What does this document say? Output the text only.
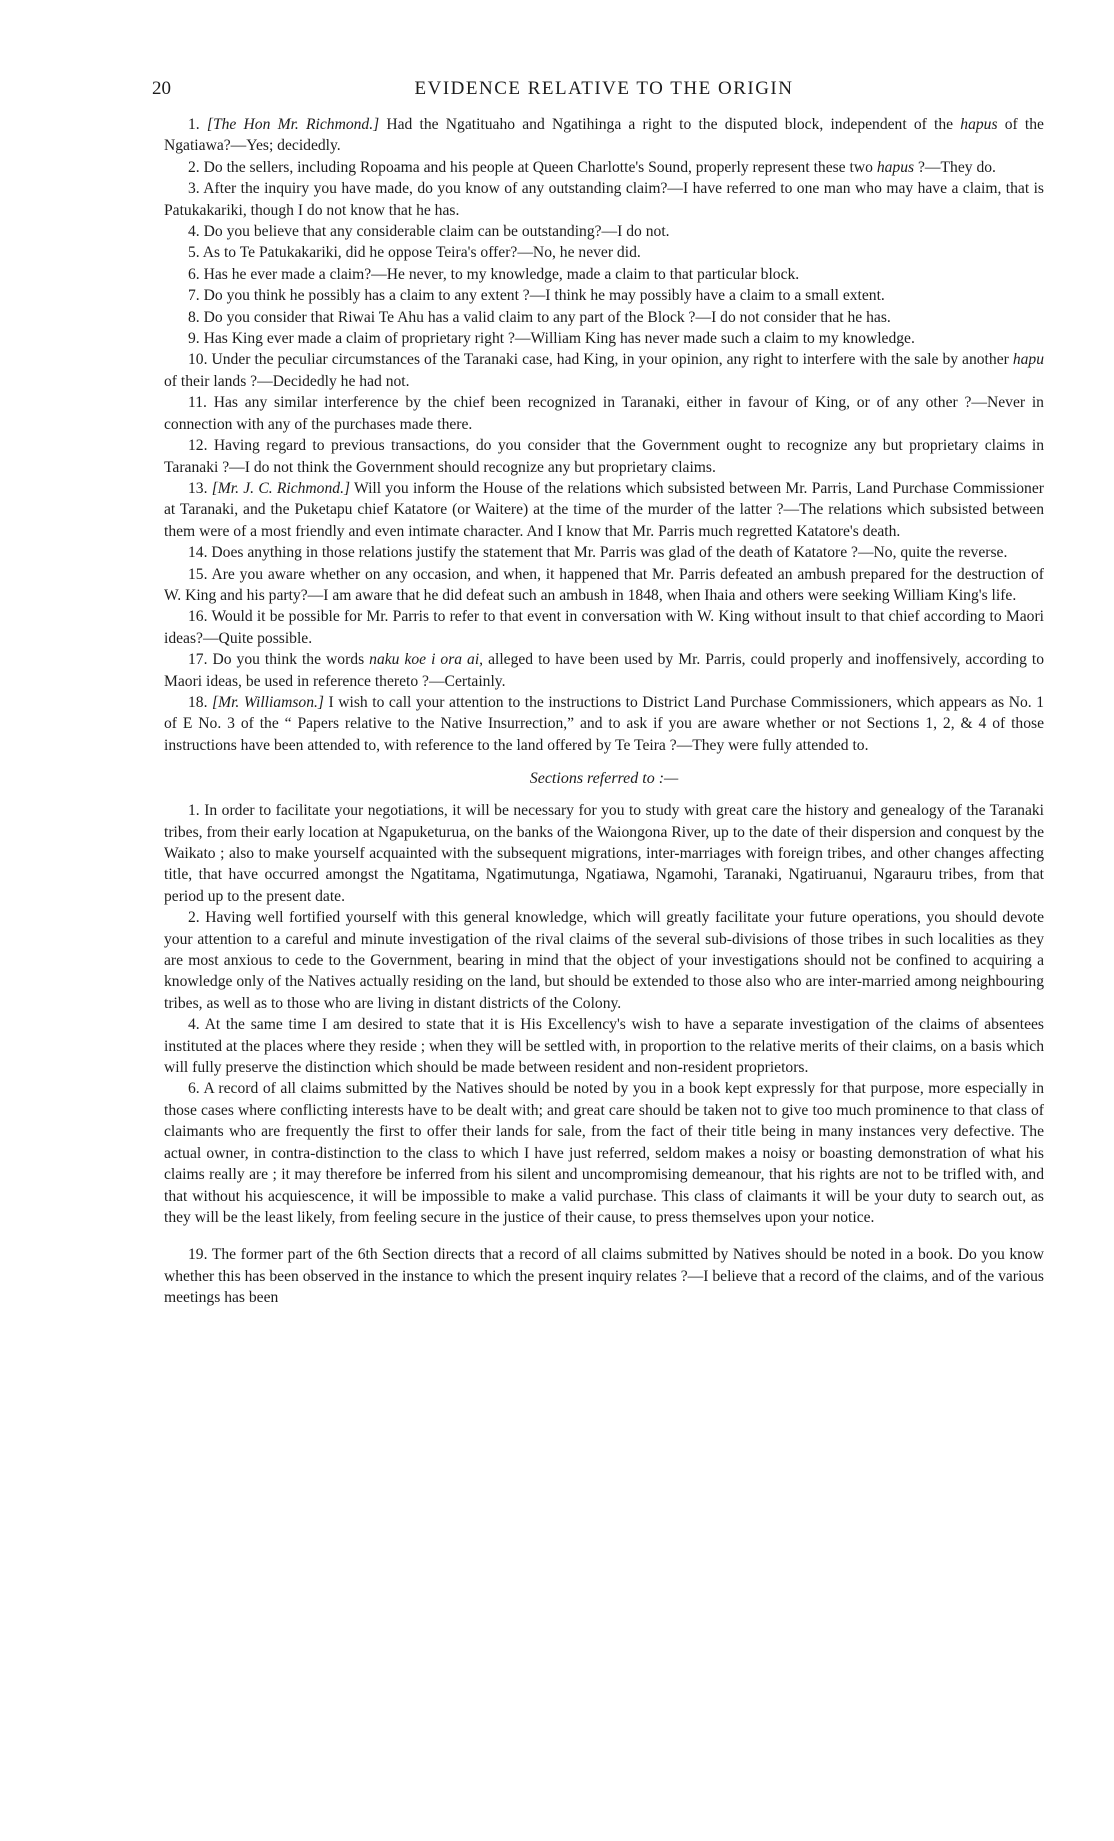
20	EVIDENCE RELATIVE TO THE ORIGIN

1. [The Hon Mr. Richmond.] Had the Ngatituaho and Ngatihinga a right to the disputed block, independent of the hapus of the Ngatiawa?—Yes; decidedly.

2. Do the sellers, including Ropoama and his people at Queen Charlotte's Sound, properly represent these two hapus ?—They do.

3. After the inquiry you have made, do you know of any outstanding claim?—I have referred to one man who may have a claim, that is Patukakariki, though I do not know that he has.

4. Do you believe that any considerable claim can be outstanding?—I do not.

5. As to Te Patukakariki, did he oppose Teira's offer?—No, he never did.

6. Has he ever made a claim?—He never, to my knowledge, made a claim to that particular block.

7. Do you think he possibly has a claim to any extent ?—I think he may possibly have a claim to a small extent.

8. Do you consider that Riwai Te Ahu has a valid claim to any part of the Block ?—I do not consider that he has.

9. Has King ever made a claim of proprietary right ?—William King has never made such a claim to my knowledge.

10. Under the peculiar circumstances of the Taranaki case, had King, in your opinion, any right to interfere with the sale by another hapu of their lands ?—Decidedly he had not.

11. Has any similar interference by the chief been recognized in Taranaki, either in favour of King, or of any other ?—Never in connection with any of the purchases made there.

12. Having regard to previous transactions, do you consider that the Government ought to recognize any but proprietary claims in Taranaki ?—I do not think the Government should recognize any but proprietary claims.

13. [Mr. J. C. Richmond.] Will you inform the House of the relations which subsisted between Mr. Parris, Land Purchase Commissioner at Taranaki, and the Puketapu chief Katatore (or Waitere) at the time of the murder of the latter ?—The relations which subsisted between them were of a most friendly and even intimate character. And I know that Mr. Parris much regretted Katatore's death.

14. Does anything in those relations justify the statement that Mr. Parris was glad of the death of Katatore ?—No, quite the reverse.

15. Are you aware whether on any occasion, and when, it happened that Mr. Parris defeated an ambush prepared for the destruction of W. King and his party?—I am aware that he did defeat such an ambush in 1848, when Ihaia and others were seeking William King's life.

16. Would it be possible for Mr. Parris to refer to that event in conversation with W. King without insult to that chief according to Maori ideas?—Quite possible.

17. Do you think the words naku koe i ora ai, alleged to have been used by Mr. Parris, could properly and inoffensively, according to Maori ideas, be used in reference thereto ?—Certainly.

18. [Mr. Williamson.] I wish to call your attention to the instructions to District Land Purchase Commissioners, which appears as No. 1 of E No. 3 of the “ Papers relative to the Native Insurrection,” and to ask if you are aware whether or not Sections 1, 2, & 4 of those instructions have been attended to, with reference to the land offered by Te Teira ?—They were fully attended to.

Sections referred to :—

1. In order to facilitate your negotiations, it will be necessary for you to study with great care the history and genealogy of the Taranaki tribes, from their early location at Ngapuketurua, on the banks of the Waiongona River, up to the date of their dispersion and conquest by the Waikato ; also to make yourself acquainted with the subsequent migrations, inter-marriages with foreign tribes, and other changes affecting title, that have occurred amongst the Ngatitama, Ngatimutunga, Ngatiawa, Ngamohi, Taranaki, Ngatiruanui, Ngarauru tribes, from that period up to the present date.

2. Having well fortified yourself with this general knowledge, which will greatly facilitate your future operations, you should devote your attention to a careful and minute investigation of the rival claims of the several sub-divisions of those tribes in such localities as they are most anxious to cede to the Government, bearing in mind that the object of your investigations should not be confined to acquiring a knowledge only of the Natives actually residing on the land, but should be extended to those also who are inter-married among neighbouring tribes, as well as to those who are living in distant districts of the Colony.

4. At the same time I am desired to state that it is His Excellency's wish to have a separate investigation of the claims of absentees instituted at the places where they reside ; when they will be settled with, in proportion to the relative merits of their claims, on a basis which will fully preserve the distinction which should be made between resident and non-resident proprietors.

6. A record of all claims submitted by the Natives should be noted by you in a book kept expressly for that purpose, more especially in those cases where conflicting interests have to be dealt with; and great care should be taken not to give too much prominence to that class of claimants who are frequently the first to offer their lands for sale, from the fact of their title being in many instances very defective. The actual owner, in contra-distinction to the class to which I have just referred, seldom makes a noisy or boasting demonstration of what his claims really are ; it may therefore be inferred from his silent and uncompromising demeanour, that his rights are not to be trifled with, and that without his acquiescence, it will be impossible to make a valid purchase. This class of claimants it will be your duty to search out, as they will be the least likely, from feeling secure in the justice of their cause, to press themselves upon your notice.

19. The former part of the 6th Section directs that a record of all claims submitted by Natives should be noted in a book. Do you know whether this has been observed in the instance to which the present inquiry relates ?—I believe that a record of the claims, and of the various meetings has been
